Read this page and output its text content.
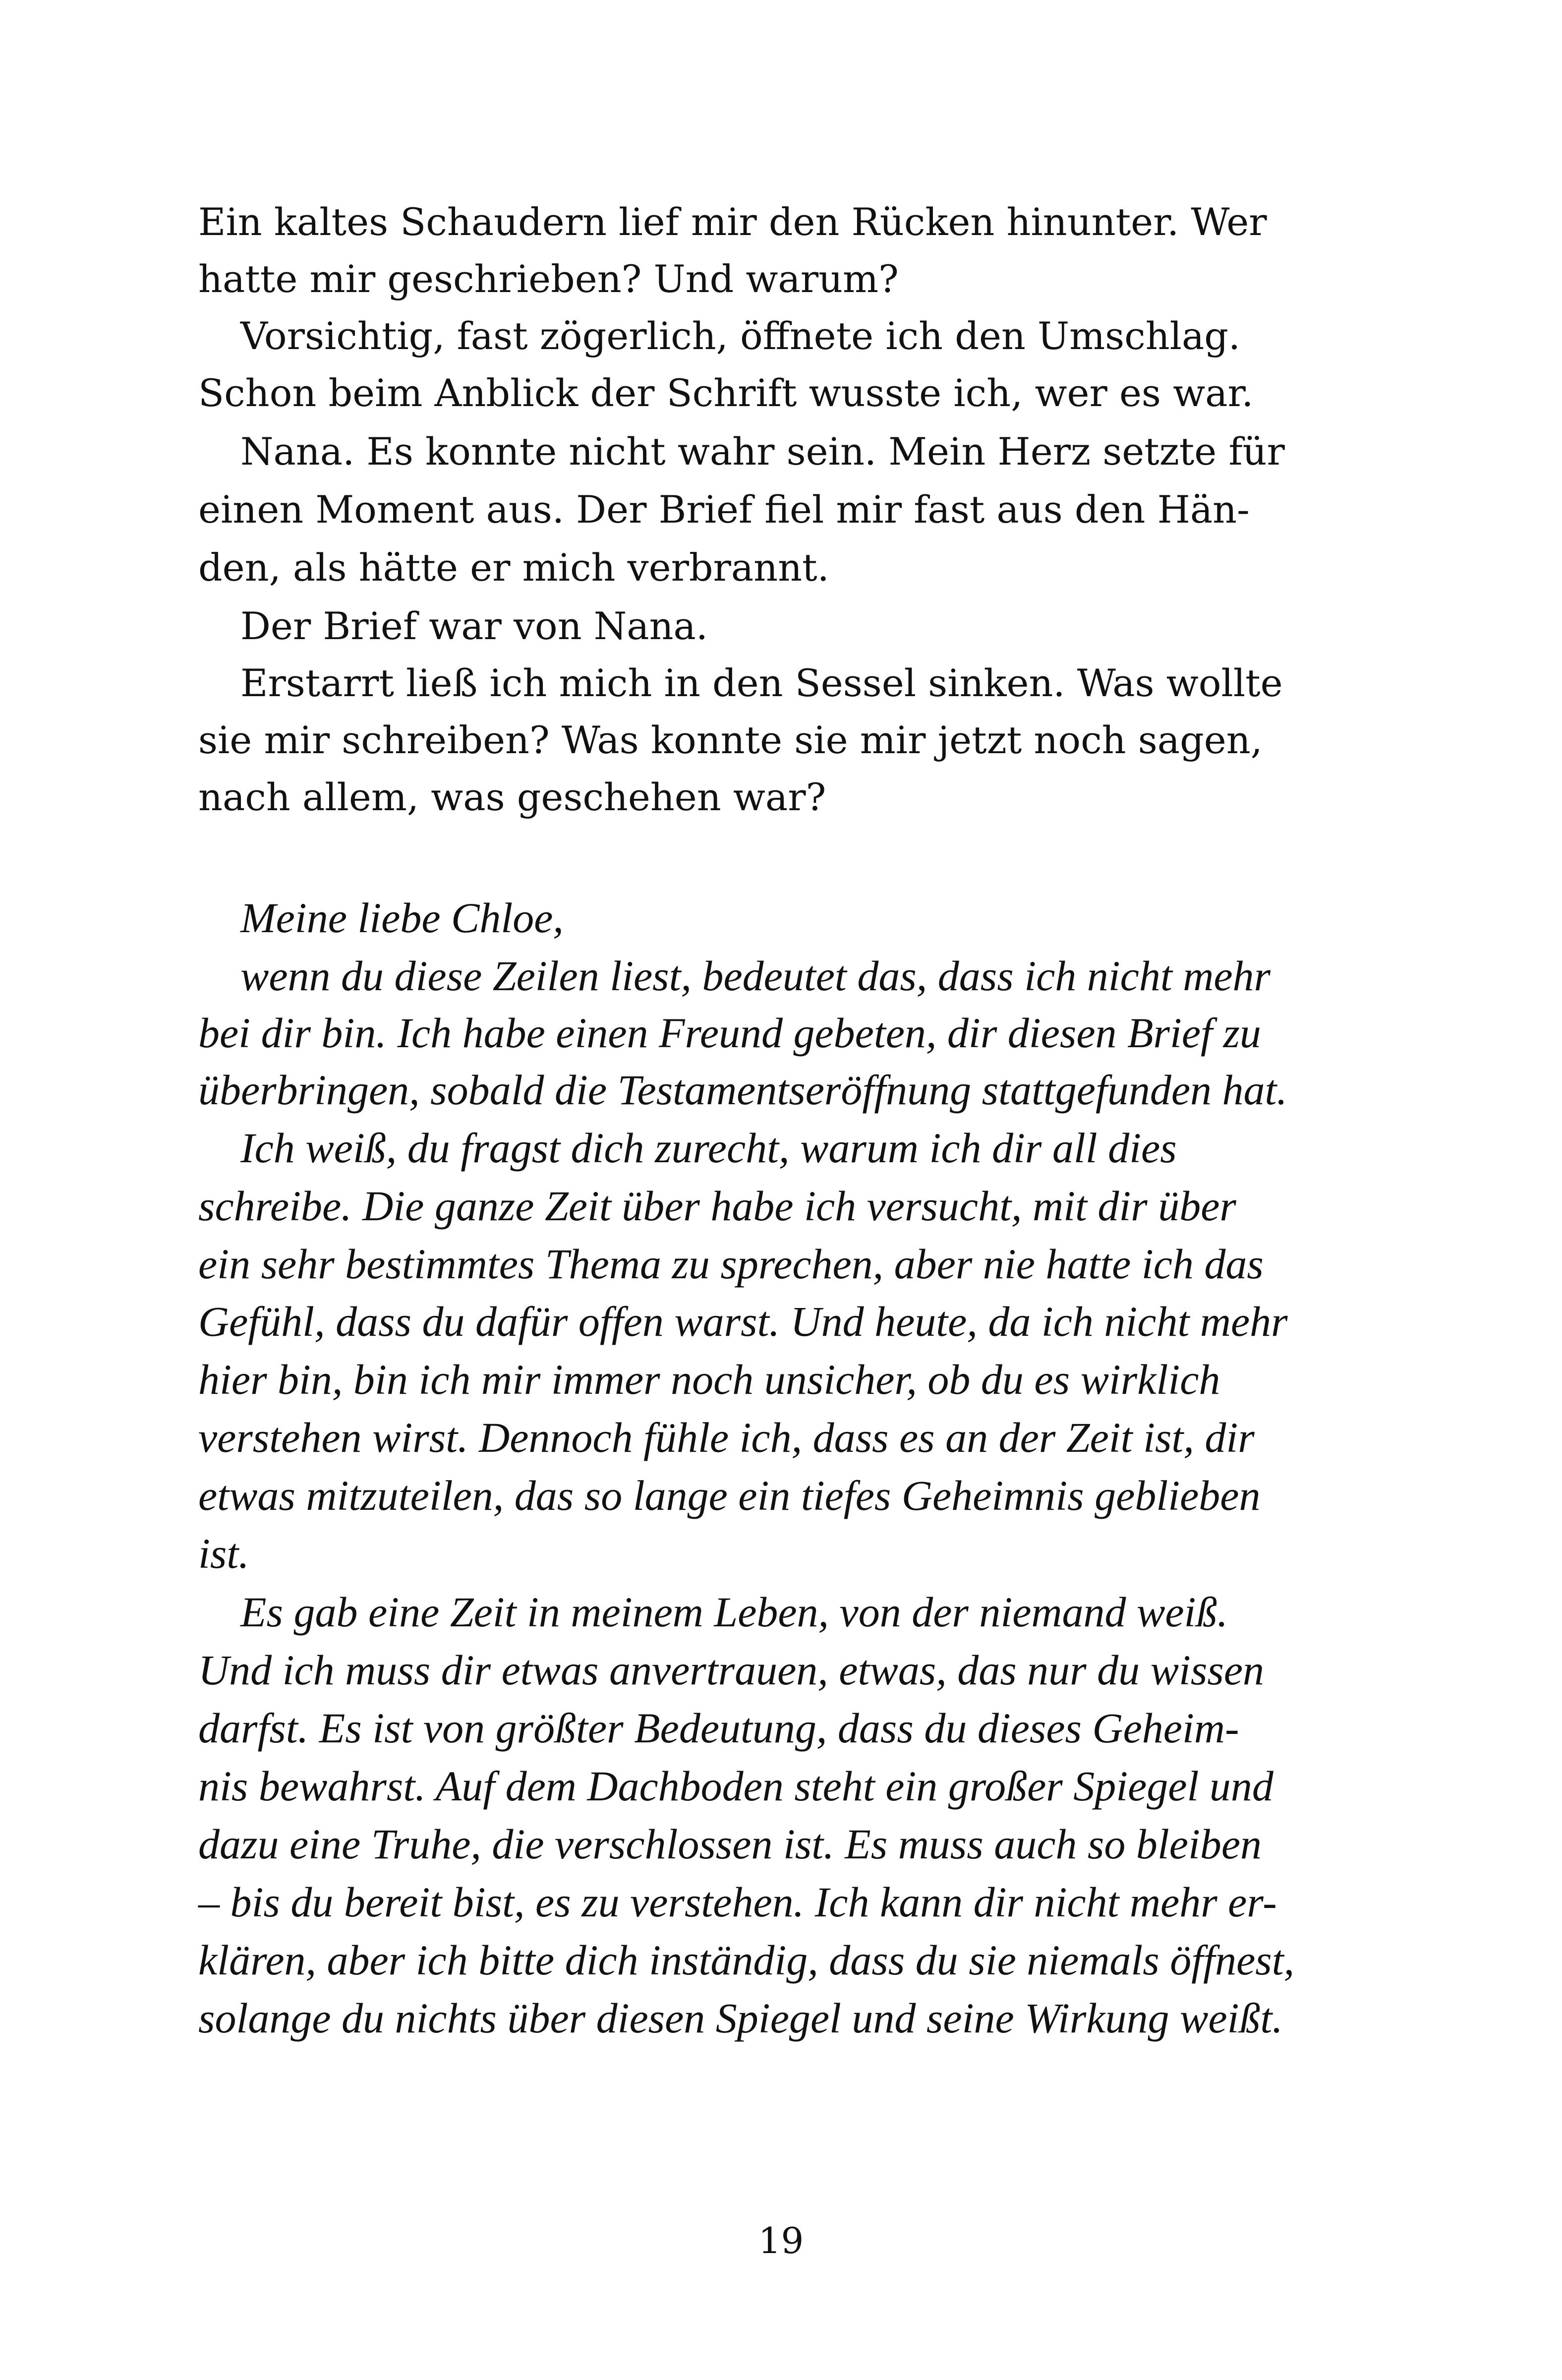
Ein kaltes Schaudern lief mir den Rücken hinunter. Wer
hatte mir geschrieben? Und warum?
Vorsichtig, fast zögerlich, öffnete ich den Umschlag.
Schon beim Anblick der Schrift wusste ich, wer es war.
Nana. Es konnte nicht wahr sein. Mein Herz setzte für
einen Moment aus. Der Brief fiel mir fast aus den Hän-
den, als hätte er mich verbrannt.
Der Brief war von Nana.
Erstarrt ließ ich mich in den Sessel sinken. Was wollte
sie mir schreiben? Was konnte sie mir jetzt noch sagen,
nach allem, was geschehen war?
Meine liebe Chloe,
wenn du diese Zeilen liest, bedeutet das, dass ich nicht mehr
bei dir bin. Ich habe einen Freund gebeten, dir diesen Brief zu
überbringen, sobald die Testamentseröffnung stattgefunden hat.
Ich weiß, du fragst dich zurecht, warum ich dir all dies
schreibe. Die ganze Zeit über habe ich versucht, mit dir über
ein sehr bestimmtes Thema zu sprechen, aber nie hatte ich das
Gefühl, dass du dafür offen warst. Und heute, da ich nicht mehr
hier bin, bin ich mir immer noch unsicher, ob du es wirklich
verstehen wirst. Dennoch fühle ich, dass es an der Zeit ist, dir
etwas mitzuteilen, das so lange ein tiefes Geheimnis geblieben
ist.
Es gab eine Zeit in meinem Leben, von der niemand weiß.
Und ich muss dir etwas anvertrauen, etwas, das nur du wissen
darfst. Es ist von größter Bedeutung, dass du dieses Geheim-
nis bewahrst. Auf dem Dachboden steht ein großer Spiegel und
dazu eine Truhe, die verschlossen ist. Es muss auch so bleiben
– bis du bereit bist, es zu verstehen. Ich kann dir nicht mehr er-
klären, aber ich bitte dich inständig, dass du sie niemals öffnest,
solange du nichts über diesen Spiegel und seine Wirkung weißt.
19
